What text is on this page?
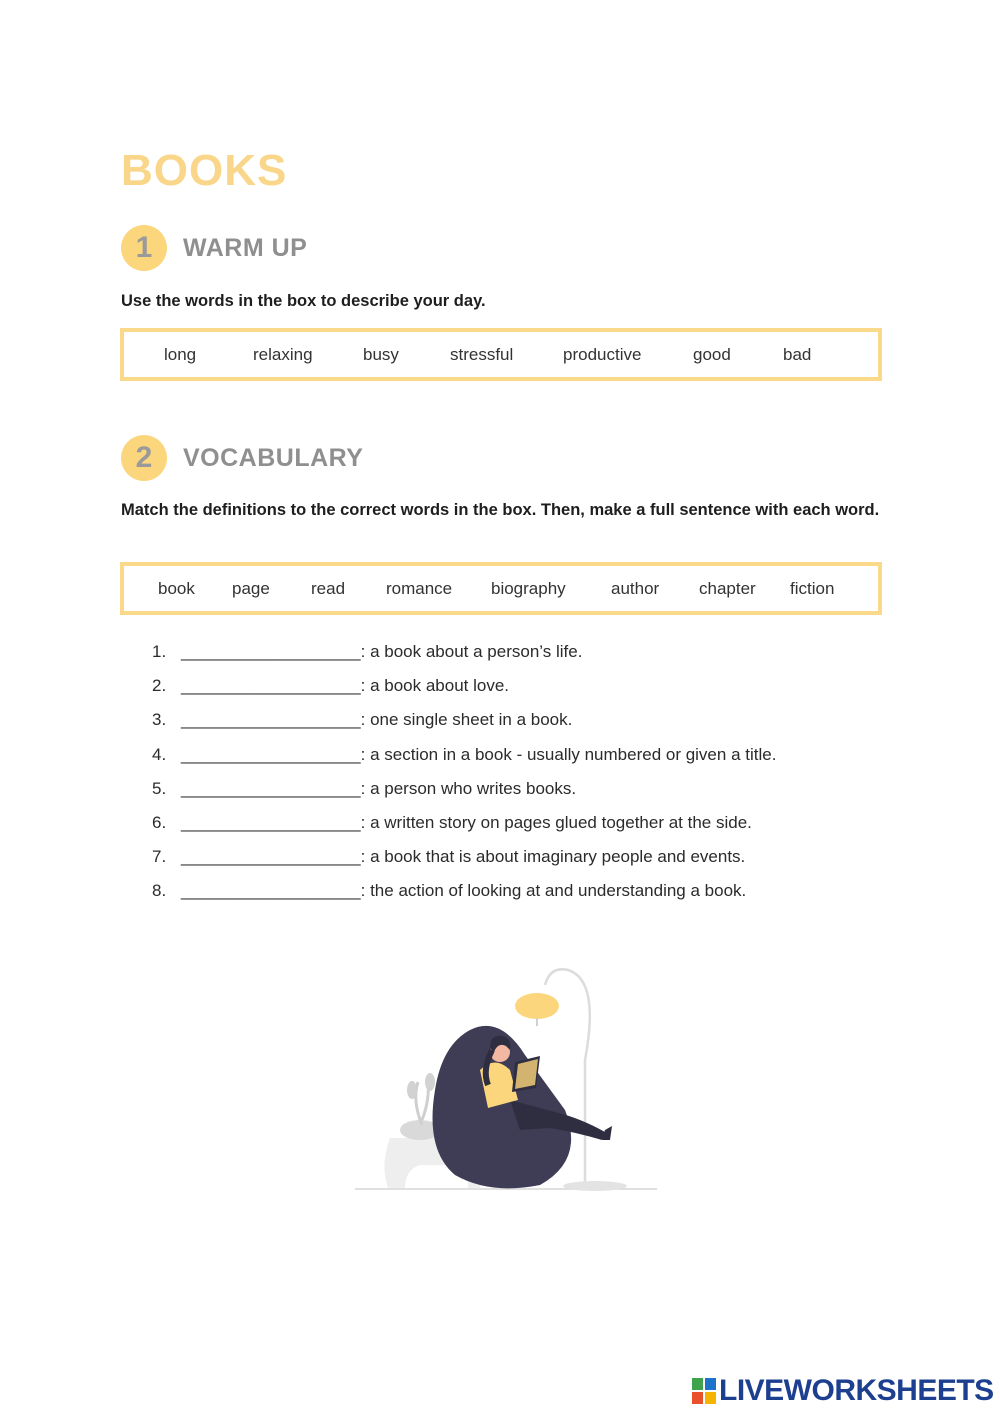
BOOKS
1	WARM UP

Use the words in the box to describe your day.

long	relaxing	busy	stressful	productive	good	bad
2	VOCABULARY

Match the definitions to the correct words in the box. Then, make a full sentence with each word.

book page read romance biography	author chapter fiction
1. ___________________: a book about a person’s life.
2. ___________________: a book about love.
3. ___________________: one single sheet in a book.
4. ___________________: a section in a book - usually numbered or given a title.
5. ___________________: a person who writes books.
6. ___________________: a written story on pages glued together at the side.
7. ___________________: a book that is about imaginary people and events.
8. ___________________: the action of looking at and understanding a book.
LIVEWORKSHEETS
